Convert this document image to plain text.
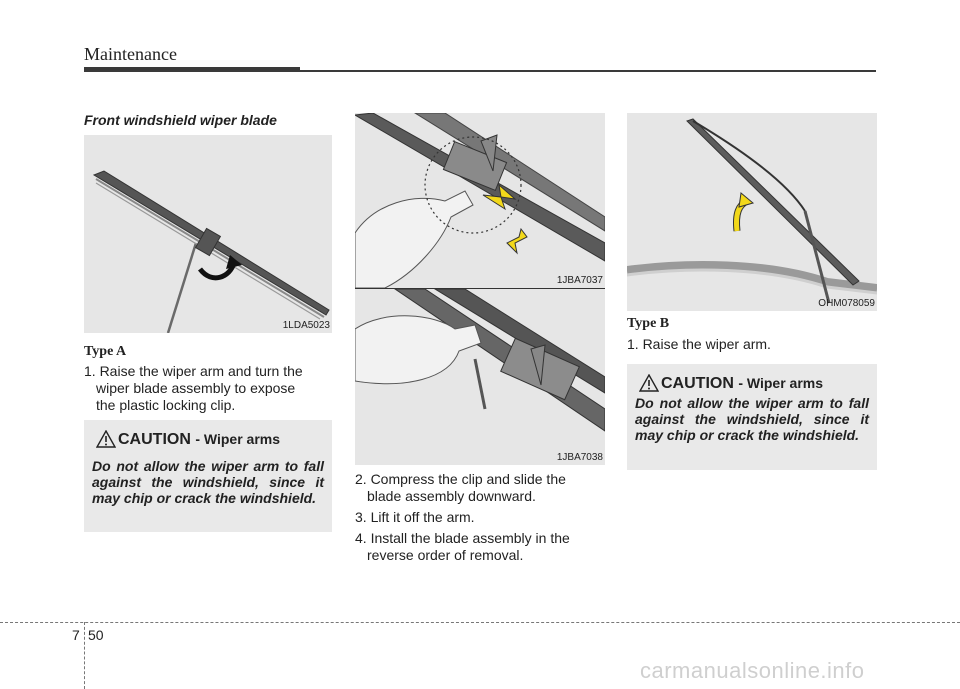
Maintenance
Front windshield wiper blade
1LDA5023
Type A
1. Raise the wiper arm and turn the
wiper blade assembly to expose
the plastic locking clip.
CAUTION - Wiper arms
Do not allow the wiper arm to fall against the windshield, since it may chip or crack the windshield.
1JBA7037
1JBA7038
2. Compress the clip and slide the
blade assembly downward.
3. Lift it off the arm.
4. Install the blade assembly in the
reverse order of removal.
OHM078059
Type B
1. Raise the wiper arm.
CAUTION - Wiper arms
Do not allow the wiper arm to fall against the windshield, since it may chip or crack the windshield.
7 50
carmanualsonline.info
